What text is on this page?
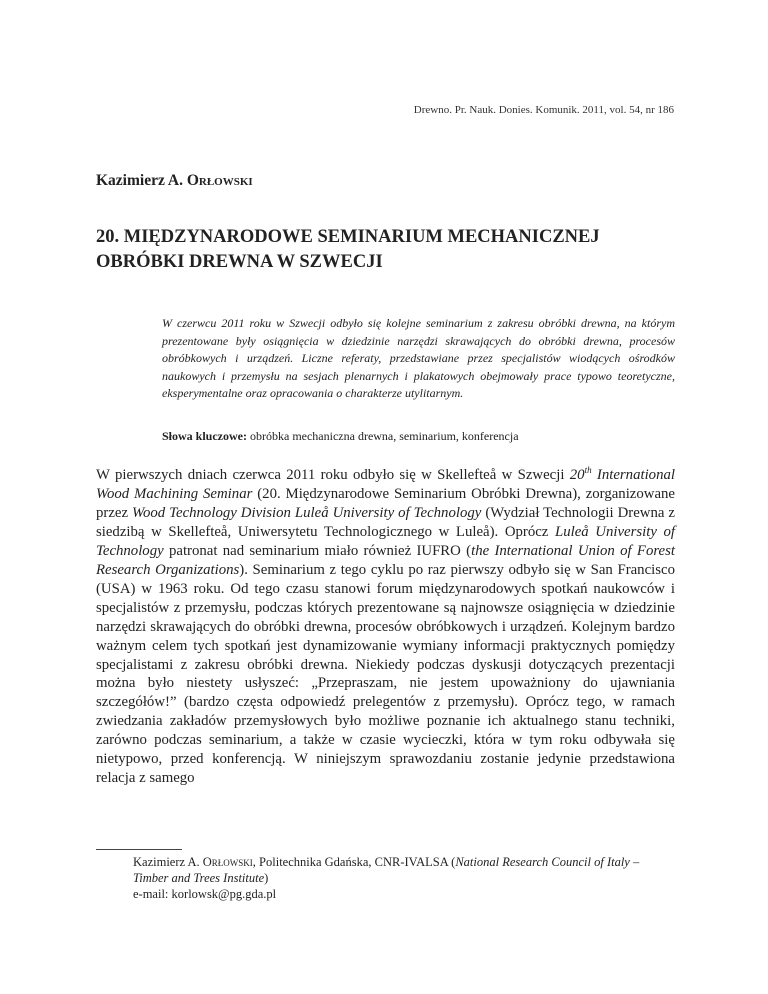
Drewno. Pr. Nauk. Donies. Komunik. 2011, vol. 54, nr 186
Kazimierz A. Orłowski
20. MIĘDZYNARODOWE SEMINARIUM MECHANICZNEJ
OBRÓBKI DREWNA W SZWECJI

W czerwcu 2011 roku w Szwecji odbyło się kolejne seminarium z zakresu obróbki drewna, na którym prezentowane były osiągnięcia w dziedzinie narzędzi skrawających do obróbki drewna, procesów obróbkowych i urządzeń. Liczne referaty, przedstawiane przez specjalistów wiodących ośrodków naukowych i przemysłu na sesjach plenarnych i plakatowych obejmowały prace typowo teoretyczne, eksperymentalne oraz opracowania o charakterze utylitarnym.

Słowa kluczowe: obróbka mechaniczna drewna, seminarium, konferencja

W pierwszych dniach czerwca 2011 roku odbyło się w Skellefteå w Szwecji 20th International Wood Machining Seminar (20. Międzynarodowe Seminarium Obróbki Drewna), zorganizowane przez Wood Technology Division Luleå University of Technology (Wydział Technologii Drewna z siedzibą w Skellefteå, Uniwersytetu Technologicznego w Luleå). Oprócz Luleå University of Technology patronat nad seminarium miało również IUFRO (the International Union of Forest Research Organizations). Seminarium z tego cyklu po raz pierwszy odbyło się w San Francisco (USA) w 1963 roku. Od tego czasu stanowi forum międzynarodowych spotkań naukowców i specjalistów z przemysłu, podczas których prezentowane są najnowsze osiągnięcia w dziedzinie narzędzi skrawających do obróbki drewna, procesów obróbkowych i urządzeń. Kolejnym bardzo ważnym celem tych spotkań jest dynamizowanie wymiany informacji praktycznych pomiędzy specjalistami z zakresu obróbki drewna. Niekiedy podczas dyskusji dotyczących prezentacji można było niestety usłyszeć: „Przepraszam, nie jestem upoważniony do ujawniania szczegółów!” (bardzo częsta odpowiedź prelegentów z przemysłu). Oprócz tego, w ramach zwiedzania zakładów przemysłowych było możliwe poznanie ich aktualnego stanu techniki, zarówno podczas seminarium, a także w czasie wycieczki, która w tym roku odbywała się nietypowo, przed konferencją. W niniejszym sprawozdaniu zostanie jedynie przedstawiona relacja z samego

Kazimierz A. Orłowski, Politechnika Gdańska, CNR-IVALSA (National Research Council of Italy – Timber and Trees Institute)
e-mail: korlowsk@pg.gda.pl
